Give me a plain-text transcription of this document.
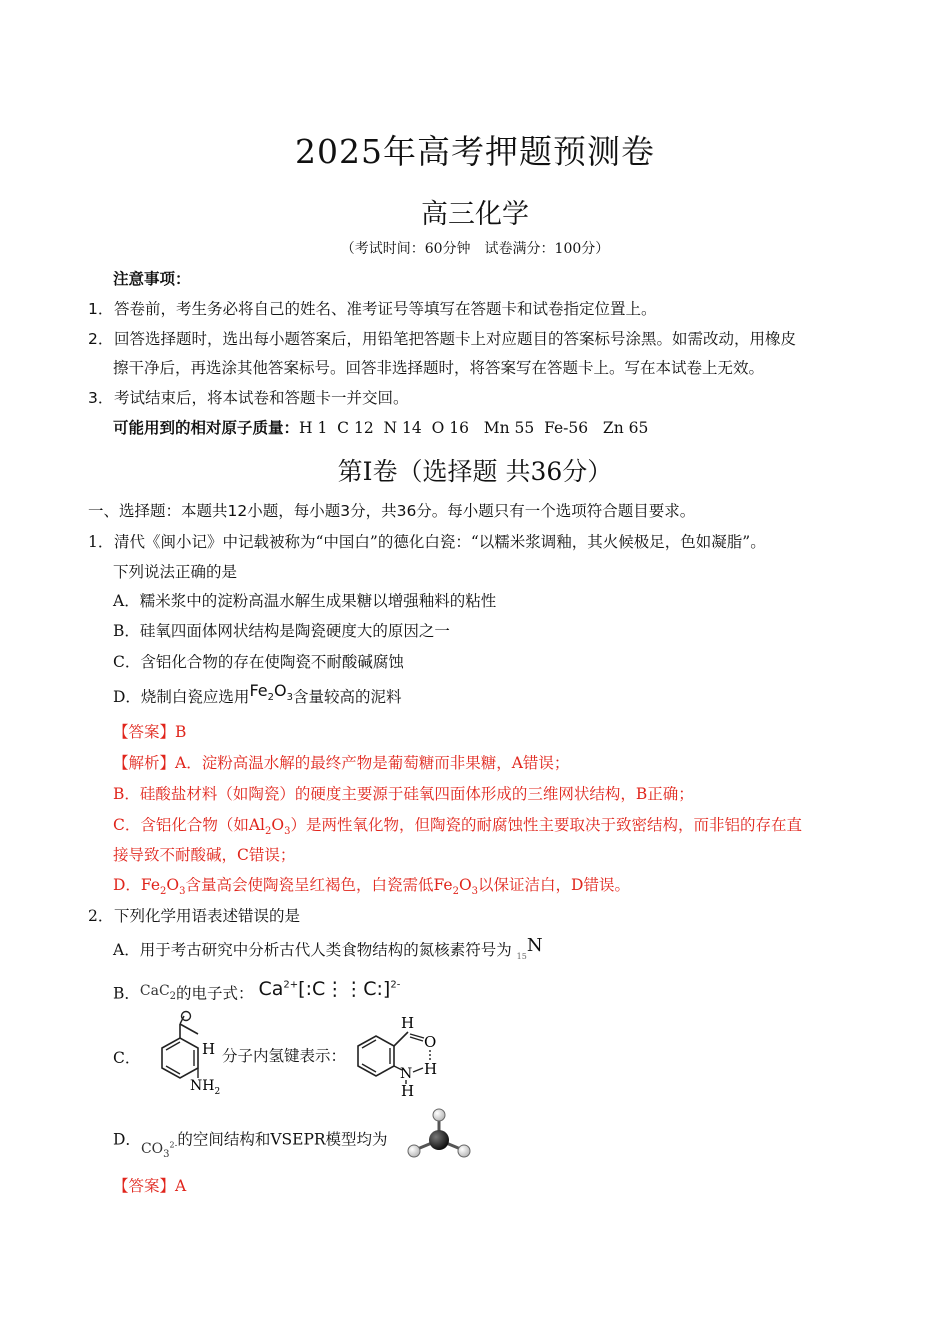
2025年高考押题预测卷
高三化学
（考试时间：60分钟　试卷满分：100分）
注意事项：
1．答卷前，考生务必将自己的姓名、准考证号等填写在答题卡和试卷指定位置上。
2．回答选择题时，选出每小题答案后，用铅笔把答题卡上对应题目的答案标号涂黑。如需改动，用橡皮
擦干净后，再选涂其他答案标号。回答非选择题时，将答案写在答题卡上。写在本试卷上无效。
3．考试结束后，将本试卷和答题卡一并交回。
可能用到的相对原子质量：H 1  C 12  N 14  O 16   Mn 55  Fe-56   Zn 65
第Ⅰ卷（选择题 共36分）
一、选择题：本题共12小题，每小题3分，共36分。每小题只有一个选项符合题目要求。
1．清代《闽小记》中记载被称为“中国白”的德化白瓷：“以糯米浆调釉，其火候极足，色如凝脂”。
下列说法正确的是
A．糯米浆中的淀粉高温水解生成果糖以增强釉料的粘性
B．硅氧四面体网状结构是陶瓷硬度大的原因之一
C．含铝化合物的存在使陶瓷不耐酸碱腐蚀
D．烧制白瓷应选用$Fe_2O_3$含量较高的泥料
【答案】B
【解析】A．淀粉高温水解的最终产物是葡萄糖而非果糖，A错误；
B．硅酸盐材料（如陶瓷）的硬度主要源于硅氧四面体形成的三维网状结构，B正确；
C．含铝化合物（如$Al_2O_3$）是两性氧化物，但陶瓷的耐腐蚀性主要取决于致密结构，而非铝的存在直
接导致不耐酸碱，C错误；
D．$Fe_2O_3$含量高会使陶瓷呈红褐色，白瓷需低$Fe_2O_3$以保证洁白，D错误。
2．下列化学用语表述错误的是
A．用于考古研究中分析古代人类食物结构的氮核素符号为 $_{15}$N
B．CaC$_2$的电子式： $Ca^{2+}[:C⋮⋮C:]^{2-}$
C．	H
$NH_2$
分子内氢键表示：
H
O
H
N
H
D．$CO_3^{2-}$的空间结构和VSEPR模型均为
【答案】A
